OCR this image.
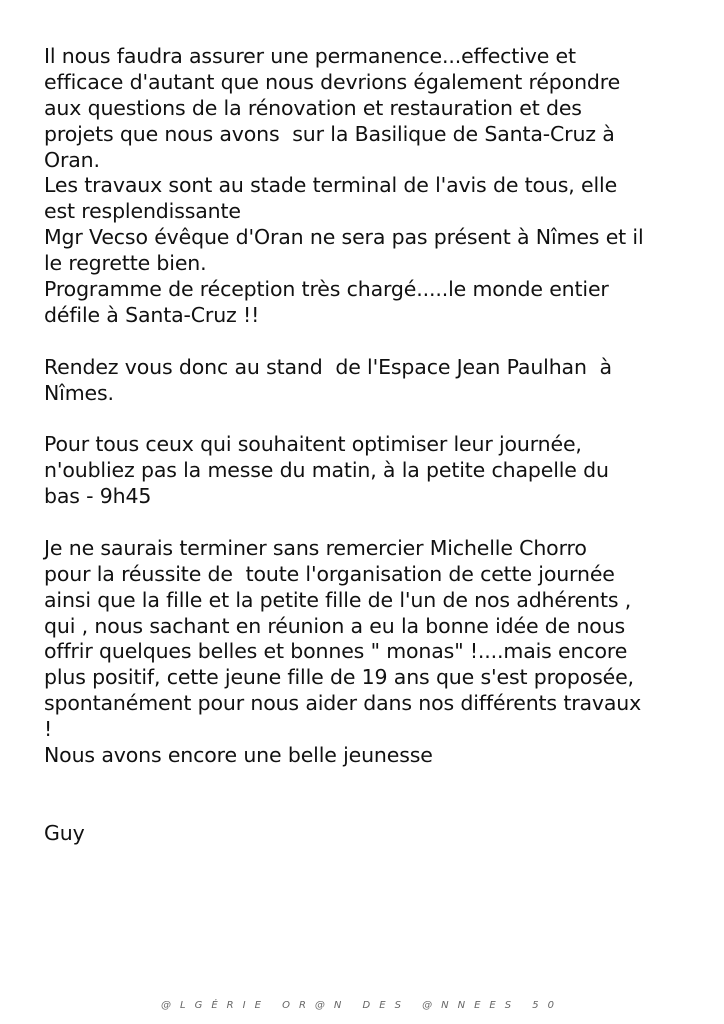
Il nous faudra assurer une permanence...effective et
efficace d'autant que nous devrions également répondre
aux questions de la rénovation et restauration et des
projets que nous avons  sur la Basilique de Santa-Cruz à
Oran.
Les travaux sont au stade terminal de l'avis de tous, elle
est resplendissante
Mgr Vecso évêque d'Oran ne sera pas présent à Nîmes et il
le regrette bien.
Programme de réception très chargé.....le monde entier
défile à Santa-Cruz !!
Rendez vous donc au stand  de l'Espace Jean Paulhan  à
Nîmes.
Pour tous ceux qui souhaitent optimiser leur journée,
n'oubliez pas la messe du matin, à la petite chapelle du
bas - 9h45
Je ne saurais terminer sans remercier Michelle Chorro
pour la réussite de  toute l'organisation de cette journée
ainsi que la fille et la petite fille de l'un de nos adhérents ,
qui , nous sachant en réunion a eu la bonne idée de nous
offrir quelques belles et bonnes " monas" !....mais encore
plus positif, cette jeune fille de 19 ans que s'est proposée,
spontanément pour nous aider dans nos différents travaux
!
Nous avons encore une belle jeunesse
Guy
@LGÉRIE OR@N DES @NNEES 50
